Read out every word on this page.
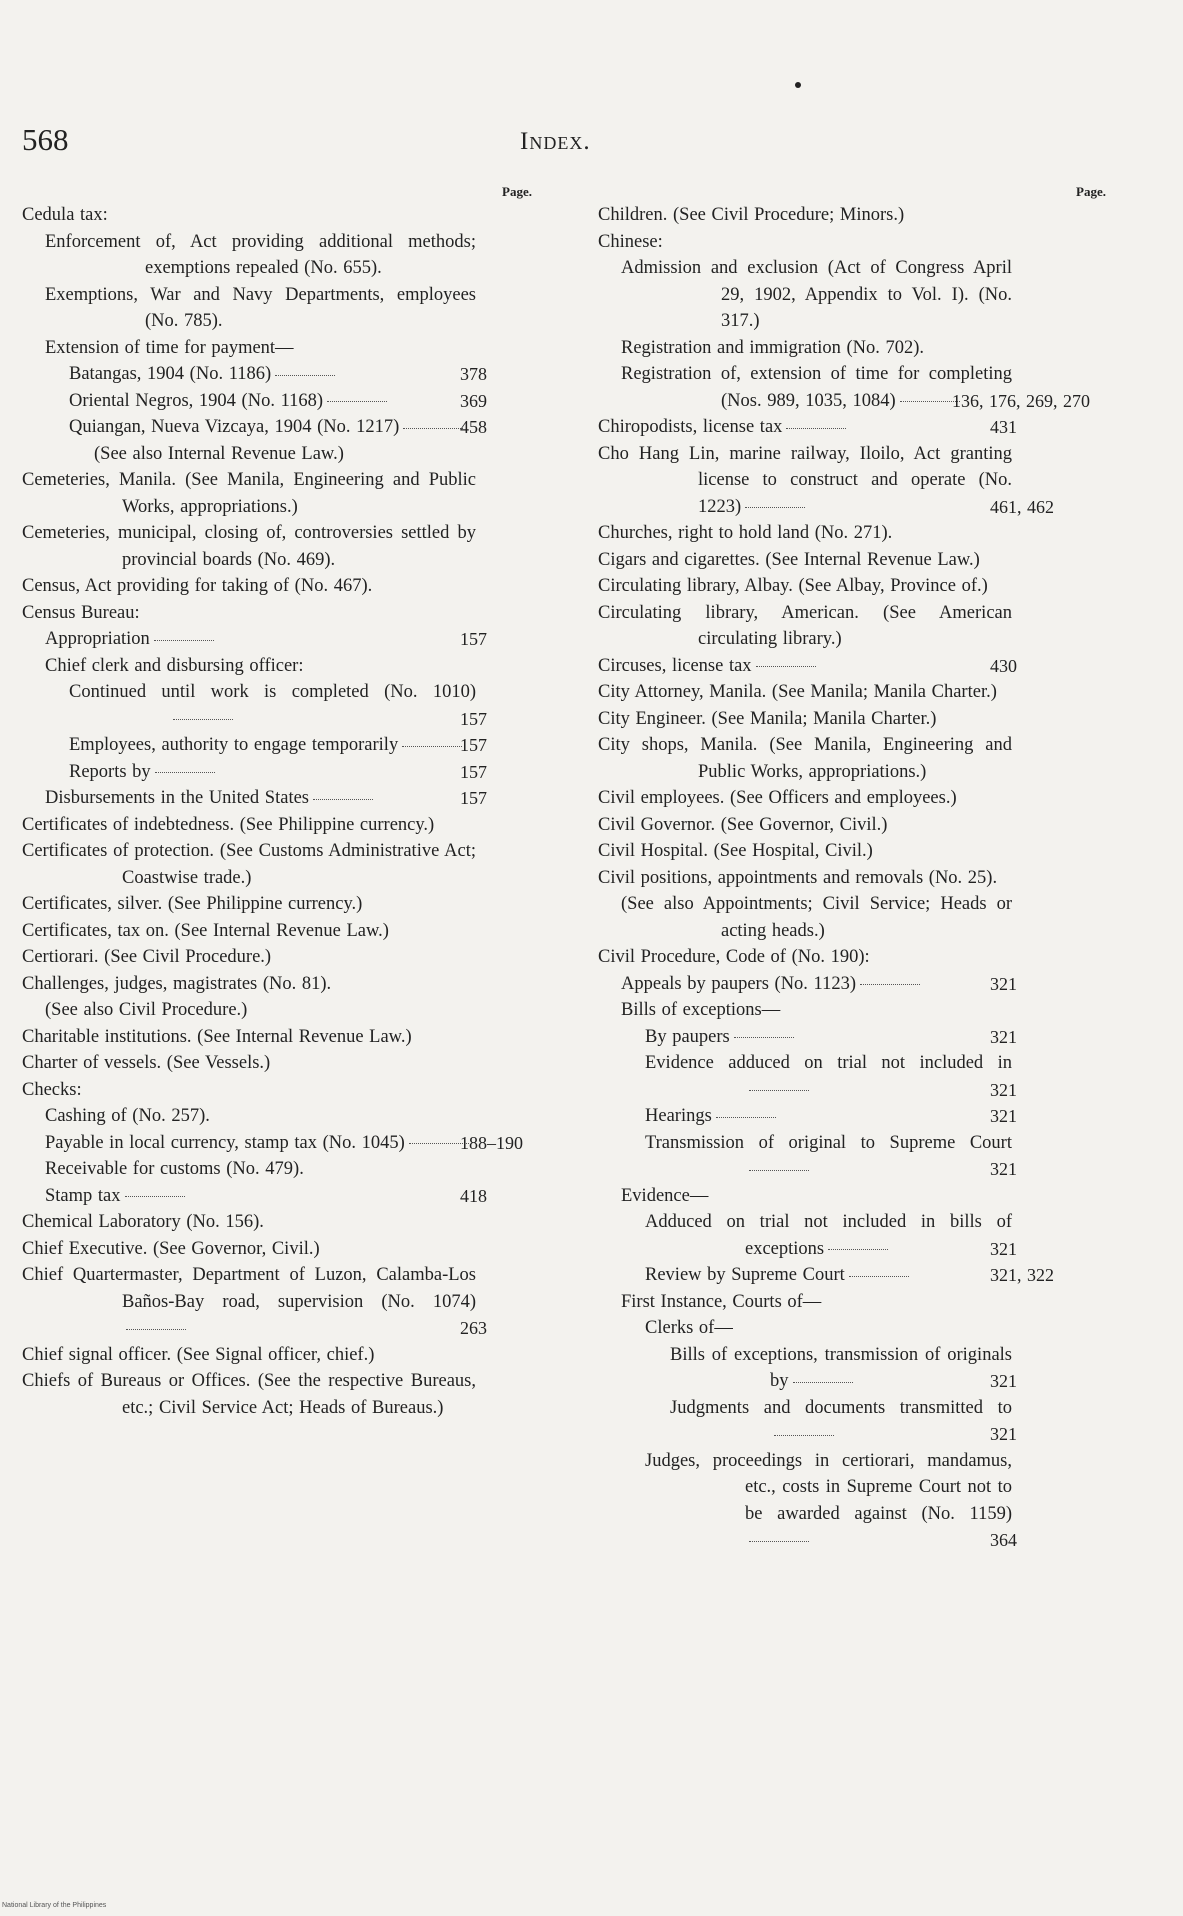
568	Index.
Page.
Cedula tax:
Enforcement of, Act providing additional methods; exemptions repealed (No. 655).
Exemptions, War and Navy Departments, employees (No. 785).
Extension of time for payment—
Batangas, 1904 (No. 1186)	378
Oriental Negros, 1904 (No. 1168)	369
Quiangan, Nueva Vizcaya, 1904 (No. 1217)	458
(See also Internal Revenue Law.)
Cemeteries, Manila. (See Manila, Engineering and Public Works, appropriations.)
Cemeteries, municipal, closing of, controversies settled by provincial boards (No. 469).
Census, Act providing for taking of (No. 467).
Census Bureau:
Appropriation	157
Chief clerk and disbursing officer:
Continued until work is completed (No. 1010)
157
Employees, authority to engage temporarily	157
Reports by	157
Disbursements in the United States	157
Certificates of indebtedness. (See Philippine currency.)
Certificates of protection. (See Customs Administrative Act; Coastwise trade.)
Certificates, silver. (See Philippine currency.)
Certificates, tax on. (See Internal Revenue Law.)
Certiorari. (See Civil Procedure.)
Challenges, judges, magistrates (No. 81).
(See also Civil Procedure.)
Charitable institutions. (See Internal Revenue Law.)
Charter of vessels. (See Vessels.)
Checks:
Cashing of (No. 257).
Payable in local currency, stamp tax (No. 1045)	188–190
Receivable for customs (No. 479).
Stamp tax	418
Chemical Laboratory (No. 156).
Chief Executive. (See Governor, Civil.)
Chief Quartermaster, Department of Luzon, Calamba-Los Baños-Bay road, supervision (No. 1074)
263
Chief signal officer. (See Signal officer, chief.)
Chiefs of Bureaus or Offices. (See the respective Bureaus, etc.; Civil Service Act; Heads of Bureaus.)
Page.
Children. (See Civil Procedure; Minors.)
Chinese:
Admission and exclusion (Act of Congress April 29, 1902, Appendix to Vol. I). (No. 317.)
Registration and immigration (No. 702).
Registration of, extension of time for completing (Nos. 989, 1035, 1084)	136, 176, 269, 270
Chiropodists, license tax	431
Cho Hang Lin, marine railway, Iloilo, Act granting license to construct and operate (No. 1223)	461, 462
Churches, right to hold land (No. 271).
Cigars and cigarettes. (See Internal Revenue Law.)
Circulating library, Albay. (See Albay, Province of.)
Circulating library, American. (See American circulating library.)
Circuses, license tax	430
City Attorney, Manila. (See Manila; Manila Charter.)
City Engineer. (See Manila; Manila Charter.)
City shops, Manila. (See Manila, Engineering and Public Works, appropriations.)
Civil employees. (See Officers and employees.)
Civil Governor. (See Governor, Civil.)
Civil Hospital. (See Hospital, Civil.)
Civil positions, appointments and removals (No. 25).
(See also Appointments; Civil Service; Heads or acting heads.)
Civil Procedure, Code of (No. 190):
Appeals by paupers (No. 1123)	321
Bills of exceptions—
By paupers	321
Evidence adduced on trial not included in
321
Hearings	321
Transmission of original to Supreme Court
321
Evidence—
Adduced on trial not included in bills of exceptions	321
Review by Supreme Court	321, 322
First Instance, Courts of—
Clerks of—
Bills of exceptions, transmission of originals by	321
Judgments and documents transmitted to
321
Judges, proceedings in certiorari, mandamus, etc., costs in Supreme Court not to be awarded against (No. 1159)
364
National Library of the Philippines
